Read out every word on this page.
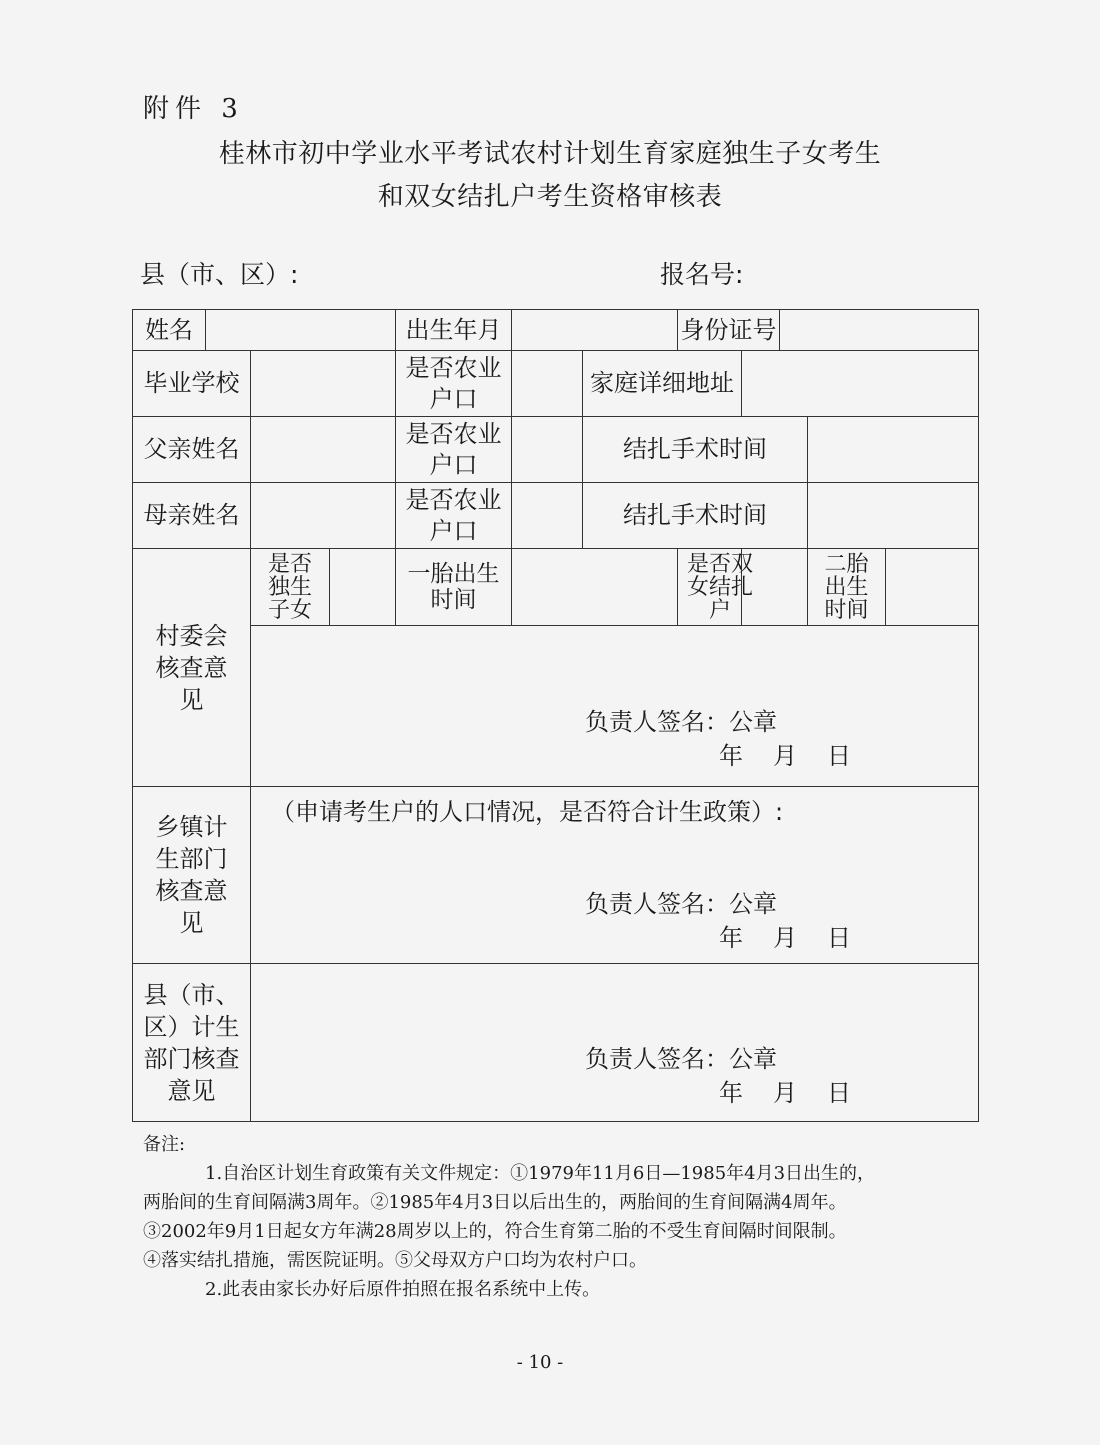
附件 3
桂林市初中学业水平考试农村计划生育家庭独生子女考生
和双女结扎户考生资格审核表
县（市、区）:	报名号:
姓名				出生年月			身份证号				
毕业学校				是否农业户口		家庭详细地址					
父亲姓名				是否农业户口		结扎手术时间					
母亲姓名				是否农业户口		结扎手术时间					

村委会核查意见		是否独生子女		一胎出生时间			是否双女结扎户			二胎出生时间	

		负责人签名：公章
年 月 日									

乡镇计生部门核查意见		（申请考生户的人口情况，是否符合计生政策）:
负责人签名：公章
年 月 日									

县（市、区）计生部门核查意见		负责人签名：公章
年 月 日									
备注:
1.自治区计划生育政策有关文件规定：①1979年11月6日—1985年4月3日出生的，
两胎间的生育间隔满3周年。②1985年4月3日以后出生的，两胎间的生育间隔满4周年。
③2002年9月1日起女方年满28周岁以上的，符合生育第二胎的不受生育间隔时间限制。
④落实结扎措施，需医院证明。⑤父母双方户口均为农村户口。
2.此表由家长办好后原件拍照在报名系统中上传。
- 10 -
